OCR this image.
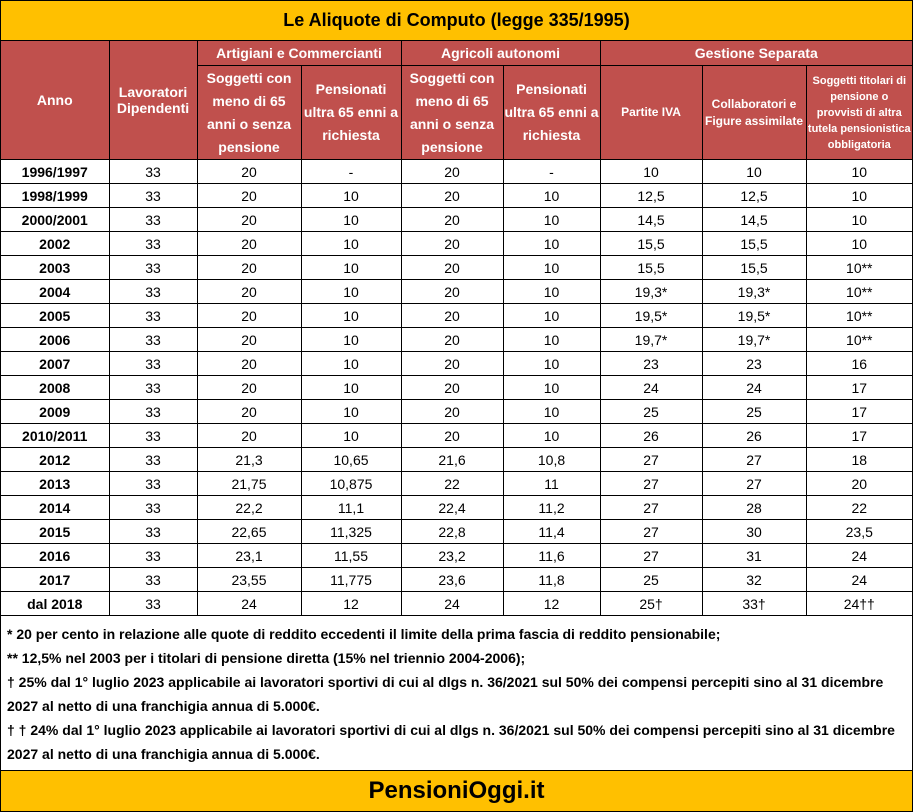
Le Aliquote di Computo (legge 335/1995)
Anno	Lavoratori Dipendenti	Artigiani e Commercianti		Agricoli autonomi		Gestione Separata		
		Soggetti con meno di 65 anni o senza pensione	Pensionati ultra 65 enni a richiesta	Soggetti con meno di 65 anni o senza pensione	Pensionati ultra 65 enni a richiesta	Partite IVA	Collaboratori e Figure assimilate	Soggetti titolari di pensione o provvisti di altra tutela pensionistica obbligatoria
1996/1997	33	20	-	20	-	10	10	10
1998/1999	33	20	10	20	10	12,5	12,5	10
2000/2001	33	20	10	20	10	14,5	14,5	10
2002	33	20	10	20	10	15,5	15,5	10
2003	33	20	10	20	10	15,5	15,5	10**
2004	33	20	10	20	10	19,3*	19,3*	10**
2005	33	20	10	20	10	19,5*	19,5*	10**
2006	33	20	10	20	10	19,7*	19,7*	10**
2007	33	20	10	20	10	23	23	16
2008	33	20	10	20	10	24	24	17
2009	33	20	10	20	10	25	25	17
2010/2011	33	20	10	20	10	26	26	17
2012	33	21,3	10,65	21,6	10,8	27	27	18
2013	33	21,75	10,875	22	11	27	27	20
2014	33	22,2	11,1	22,4	11,2	27	28	22
2015	33	22,65	11,325	22,8	11,4	27	30	23,5
2016	33	23,1	11,55	23,2	11,6	27	31	24
2017	33	23,55	11,775	23,6	11,8	25	32	24
dal 2018	33	24	12	24	12	25†	33†	24††

* 20 per cento in relazione alle quote di reddito eccedenti il limite della prima fascia di reddito pensionabile;

** 12,5% nel 2003 per i titolari di pensione diretta (15% nel triennio 2004-2006);

† 25% dal 1° luglio 2023 applicabile ai lavoratori sportivi di cui al dlgs n. 36/2021 sul 50% dei compensi percepiti sino al 31 dicembre 2027 al netto di una franchigia annua di 5.000€.

† † 24% dal 1° luglio 2023 applicabile ai lavoratori sportivi di cui al dlgs n. 36/2021 sul 50% dei compensi percepiti sino al 31 dicembre 2027 al netto di una franchigia annua di 5.000€.

PensioniOggi.it
